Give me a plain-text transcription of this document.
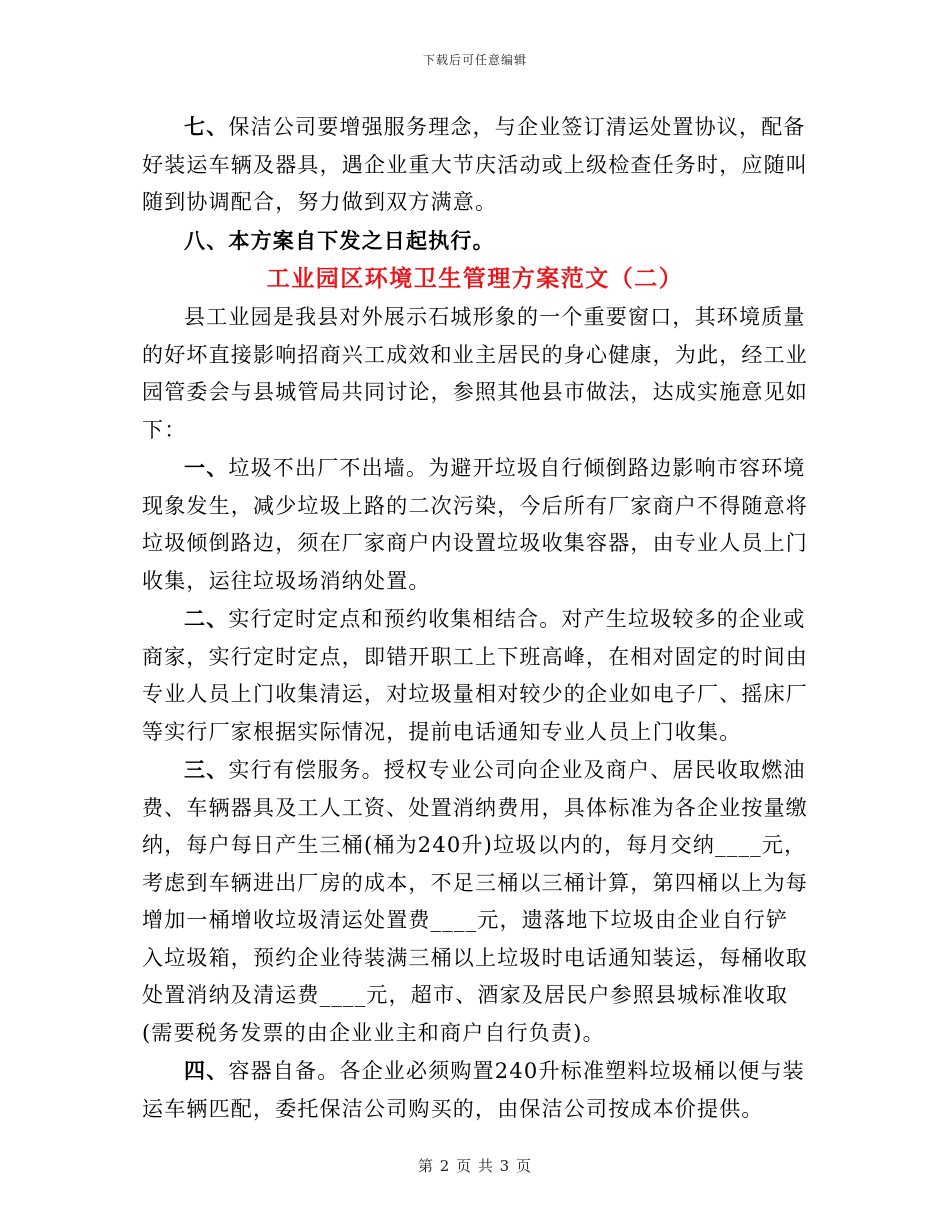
下载后可任意编辑

七、保洁公司要增强服务理念，与企业签订清运处置协议，配备好装运车辆及器具，遇企业重大节庆活动或上级检查任务时，应随叫随到协调配合，努力做到双方满意。

八、本方案自下发之日起执行。

工业园区环境卫生管理方案范文（二）

县工业园是我县对外展示石城形象的一个重要窗口，其环境质量的好坏直接影响招商兴工成效和业主居民的身心健康，为此，经工业园管委会与县城管局共同讨论，参照其他县市做法，达成实施意见如下：

一、垃圾不出厂不出墙。为避开垃圾自行倾倒路边影响市容环境现象发生，减少垃圾上路的二次污染，今后所有厂家商户不得随意将垃圾倾倒路边，须在厂家商户内设置垃圾收集容器，由专业人员上门收集，运往垃圾场消纳处置。

二、实行定时定点和预约收集相结合。对产生垃圾较多的企业或商家，实行定时定点，即错开职工上下班高峰，在相对固定的时间由专业人员上门收集清运，对垃圾量相对较少的企业如电子厂、摇床厂等实行厂家根据实际情况，提前电话通知专业人员上门收集。

三、实行有偿服务。授权专业公司向企业及商户、居民收取燃油费、车辆器具及工人工资、处置消纳费用，具体标准为各企业按量缴纳，每户每日产生三桶(桶为240升)垃圾以内的，每月交纳____元，考虑到车辆进出厂房的成本，不足三桶以三桶计算，第四桶以上为每增加一桶增收垃圾清运处置费____元，遗落地下垃圾由企业自行铲入垃圾箱，预约企业待装满三桶以上垃圾时电话通知装运，每桶收取处置消纳及清运费____元，超市、酒家及居民户参照县城标准收取(需要税务发票的由企业业主和商户自行负责)。

四、容器自备。各企业必须购置240升标准塑料垃圾桶以便与装运车辆匹配，委托保洁公司购买的，由保洁公司按成本价提供。

第 2 页 共 3 页
